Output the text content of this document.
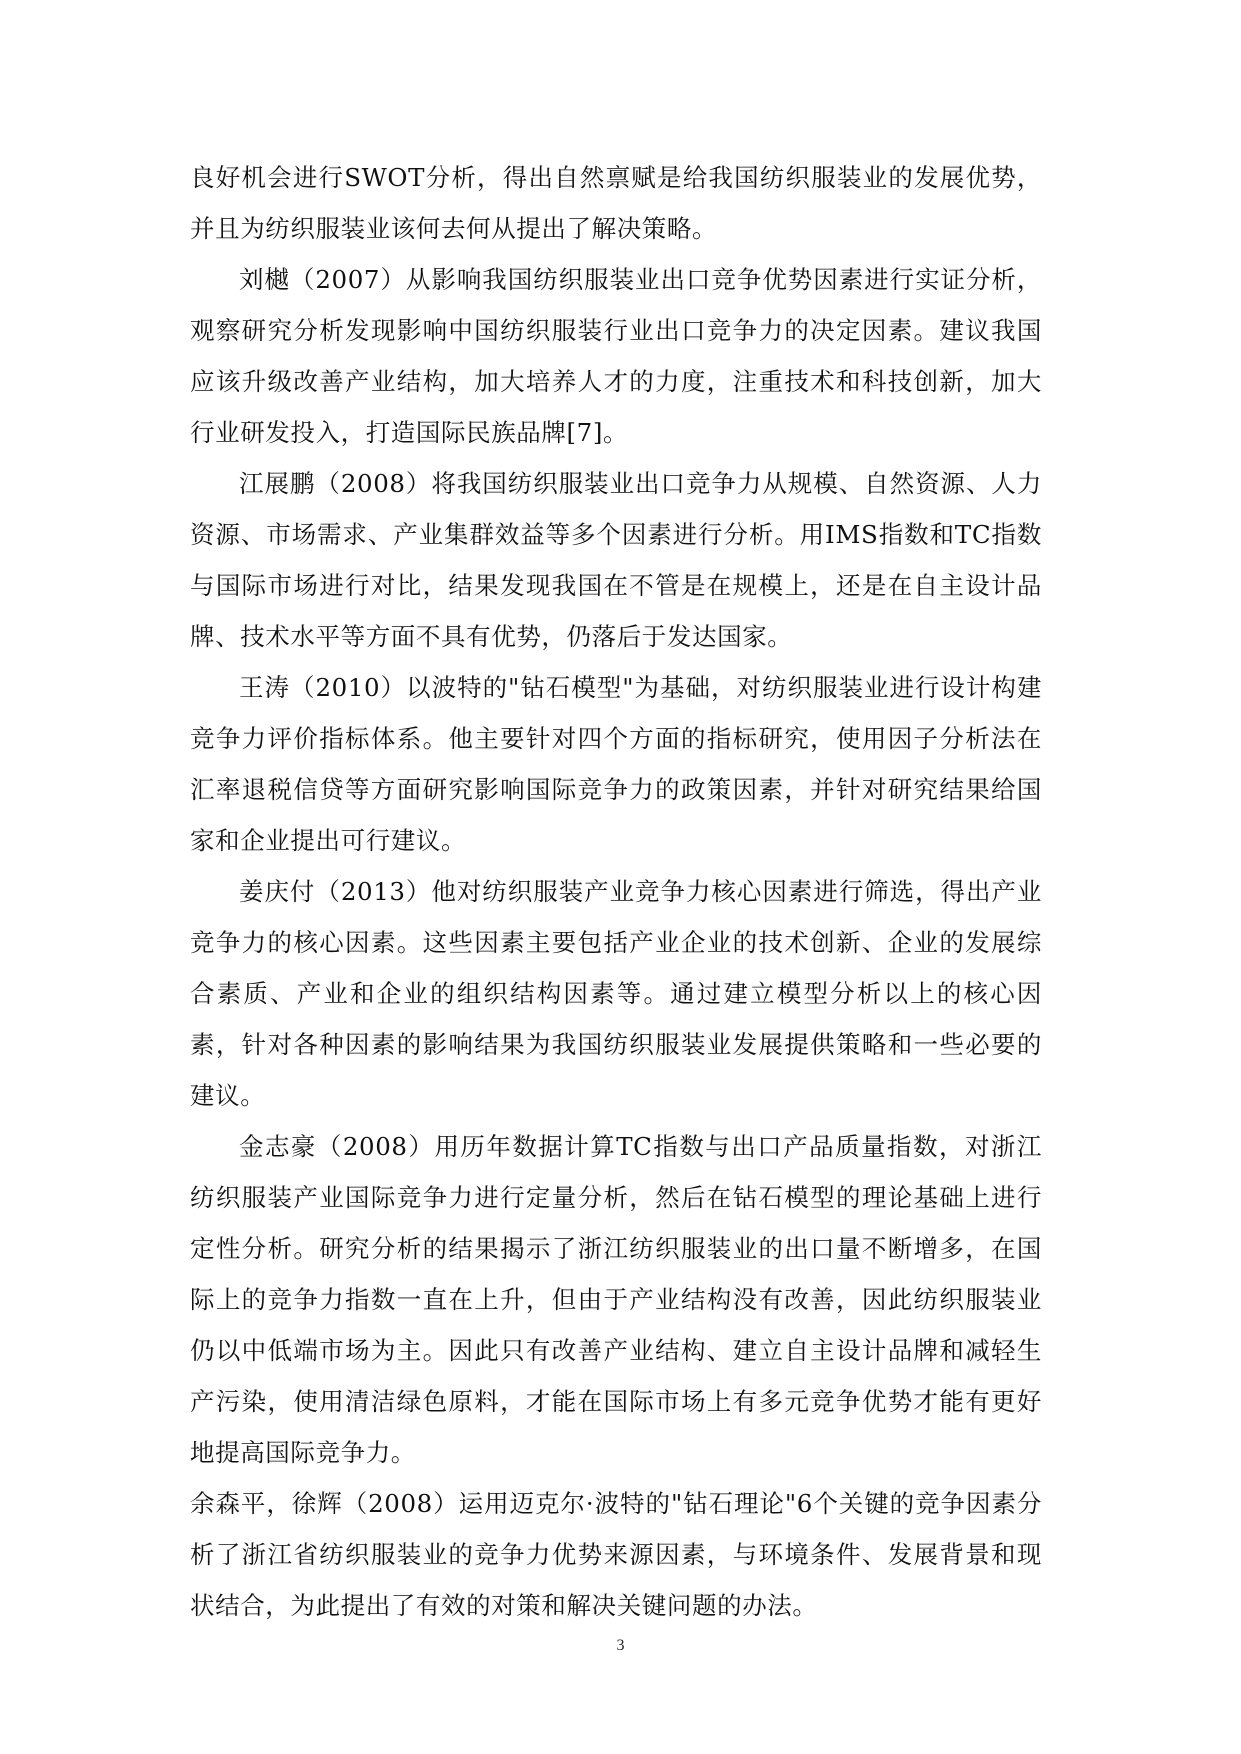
良好机会进行SWOT分析，得出自然禀赋是给我国纺织服装业的发展优势，并且为纺织服装业该何去何从提出了解决策略。

刘樾（2007）从影响我国纺织服装业出口竞争优势因素进行实证分析，观察研究分析发现影响中国纺织服装行业出口竞争力的决定因素。建议我国应该升级改善产业结构，加大培养人才的力度，注重技术和科技创新，加大行业研发投入，打造国际民族品牌[7]。

江展鹏（2008）将我国纺织服装业出口竞争力从规模、自然资源、人力资源、市场需求、产业集群效益等多个因素进行分析。用IMS指数和TC指数与国际市场进行对比，结果发现我国在不管是在规模上，还是在自主设计品牌、技术水平等方面不具有优势，仍落后于发达国家。

王涛（2010）以波特的"钻石模型"为基础，对纺织服装业进行设计构建竞争力评价指标体系。他主要针对四个方面的指标研究，使用因子分析法在汇率退税信贷等方面研究影响国际竞争力的政策因素，并针对研究结果给国家和企业提出可行建议。

姜庆付（2013）他对纺织服装产业竞争力核心因素进行筛选，得出产业竞争力的核心因素。这些因素主要包括产业企业的技术创新、企业的发展综合素质、产业和企业的组织结构因素等。通过建立模型分析以上的核心因素，针对各种因素的影响结果为我国纺织服装业发展提供策略和一些必要的建议。

金志豪（2008）用历年数据计算TC指数与出口产品质量指数，对浙江纺织服装产业国际竞争力进行定量分析，然后在钻石模型的理论基础上进行定性分析。研究分析的结果揭示了浙江纺织服装业的出口量不断增多，在国际上的竞争力指数一直在上升，但由于产业结构没有改善，因此纺织服装业仍以中低端市场为主。因此只有改善产业结构、建立自主设计品牌和减轻生产污染，使用清洁绿色原料，才能在国际市场上有多元竞争优势才能有更好地提高国际竞争力。

余森平，徐辉（2008）运用迈克尔·波特的"钻石理论"6个关键的竞争因素分析了浙江省纺织服装业的竞争力优势来源因素，与环境条件、发展背景和现状结合，为此提出了有效的对策和解决关键问题的办法。

3
